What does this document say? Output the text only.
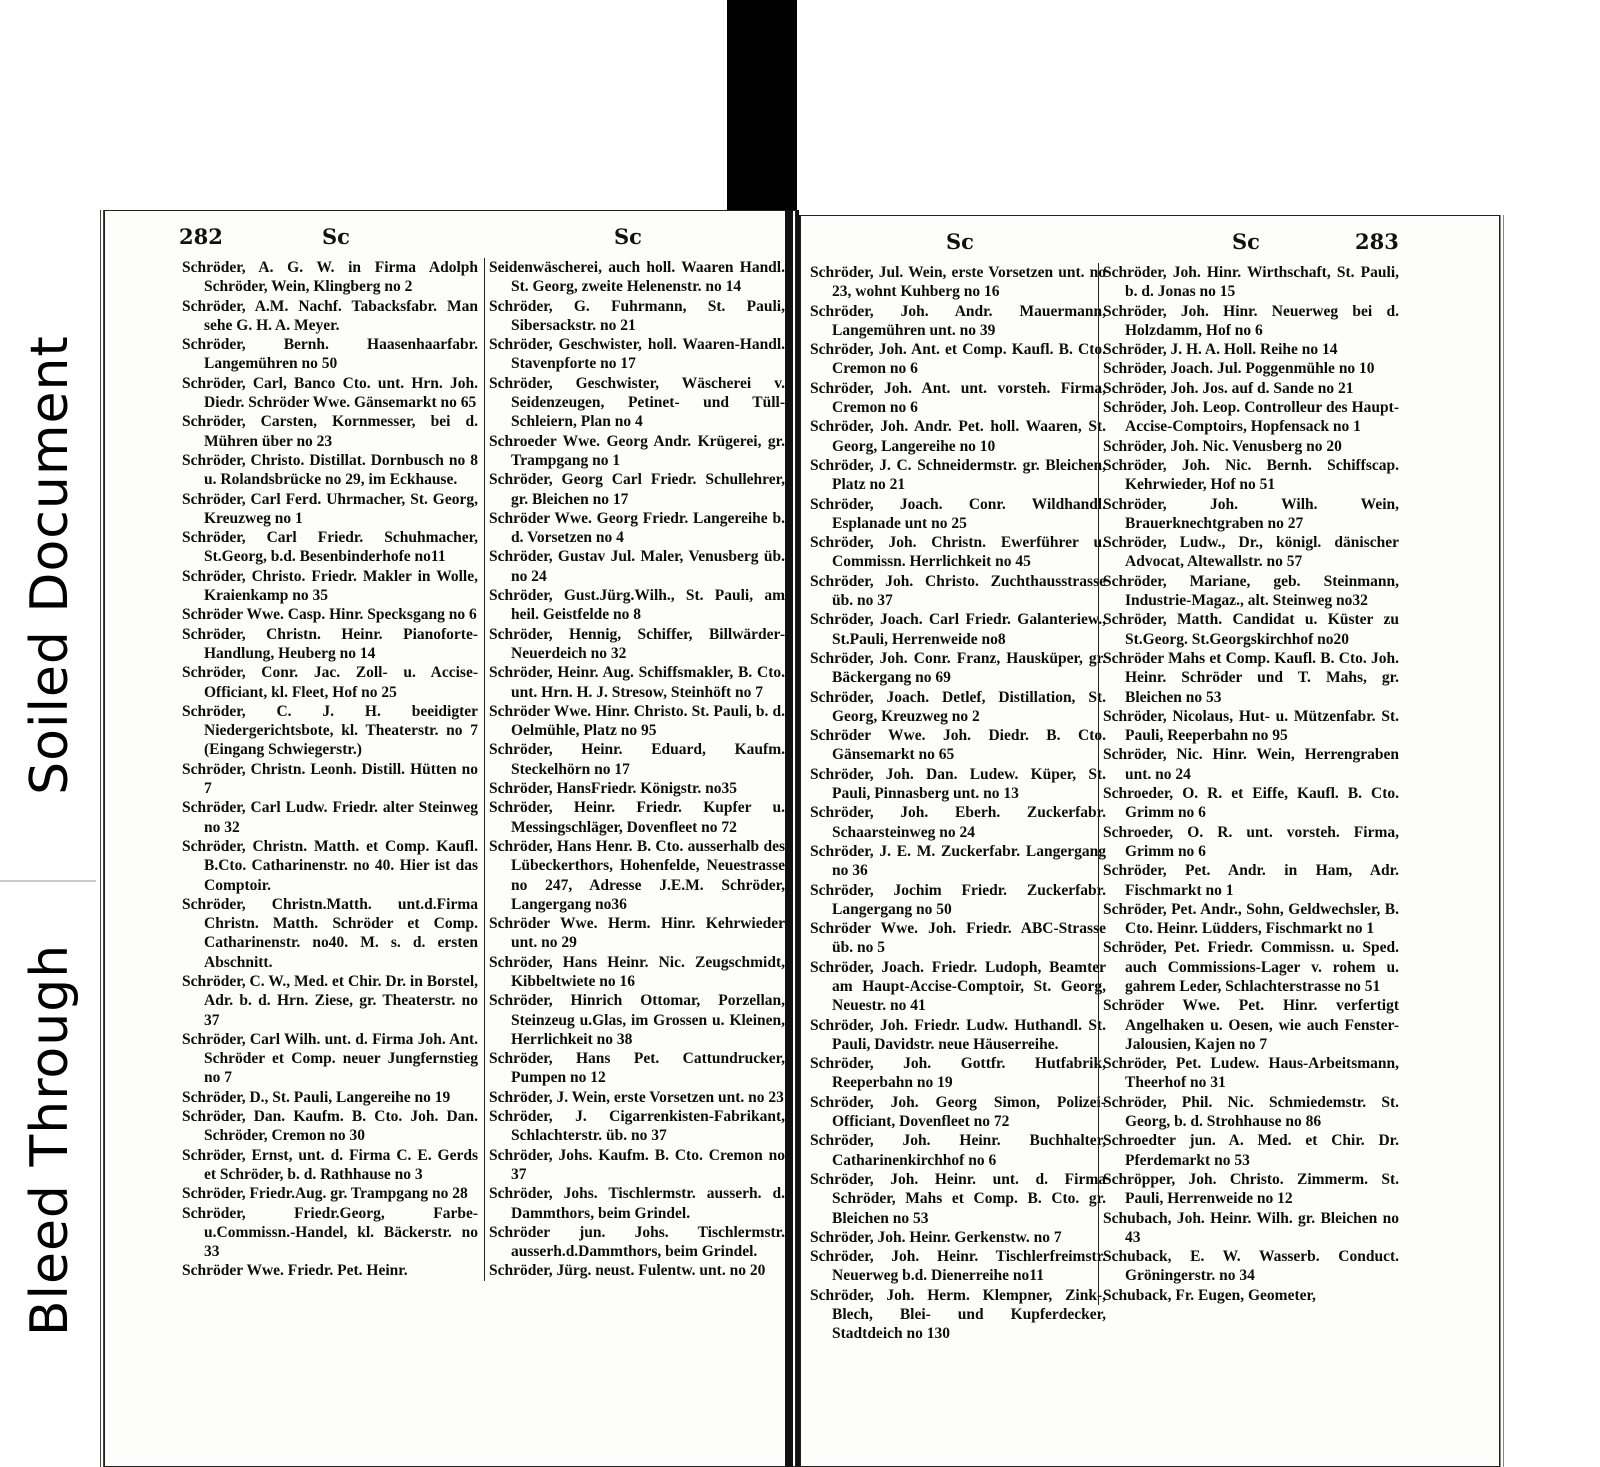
Soiled Document
Bleed Through
282	Sc	Sc

Schröder, A. G. W. in Firma Adolph Schröder, Wein, Klingberg no 2

Schröder, A.M. Nachf. Tabacksfabr. Man sehe G. H. A. Meyer.

Schröder, Bernh. Haasenhaarfabr. Langemühren no 50

Schröder, Carl, Banco Cto. unt. Hrn. Joh. Diedr. Schröder Wwe. Gänsemarkt no 65

Schröder, Carsten, Kornmesser, bei d. Mühren über no 23

Schröder, Christo. Distillat. Dornbusch no 8 u. Rolandsbrücke no 29, im Eckhause.

Schröder, Carl Ferd. Uhrmacher, St. Georg, Kreuzweg no 1

Schröder, Carl Friedr. Schuhmacher, St.Georg, b.d. Besenbinderhofe no11

Schröder, Christo. Friedr. Makler in Wolle, Kraienkamp no 35

Schröder Wwe. Casp. Hinr. Specksgang no 6

Schröder, Christn. Heinr. Pianoforte-Handlung, Heuberg no 14

Schröder, Conr. Jac. Zoll- u. Accise-Officiant, kl. Fleet, Hof no 25

Schröder, C. J. H. beeidigter Niedergerichtsbote, kl. Theaterstr. no 7 (Eingang Schwiegerstr.)

Schröder, Christn. Leonh. Distill. Hütten no 7

Schröder, Carl Ludw. Friedr. alter Steinweg no 32

Schröder, Christn. Matth. et Comp. Kaufl. B.Cto. Catharinenstr. no 40. Hier ist das Comptoir.

Schröder, Christn.Matth. unt.d.Firma Christn. Matth. Schröder et Comp. Catharinenstr. no40. M. s. d. ersten Abschnitt.

Schröder, C. W., Med. et Chir. Dr. in Borstel, Adr. b. d. Hrn. Ziese, gr. Theaterstr. no 37

Schröder, Carl Wilh. unt. d. Firma Joh. Ant. Schröder et Comp. neuer Jungfernstieg no 7

Schröder, D., St. Pauli, Langereihe no 19

Schröder, Dan. Kaufm. B. Cto. Joh. Dan. Schröder, Cremon no 30

Schröder, Ernst, unt. d. Firma C. E. Gerds et Schröder, b. d. Rathhause no 3

Schröder, Friedr.Aug. gr. Trampgang no 28

Schröder, Friedr.Georg, Farbe-u.Commissn.-Handel, kl. Bäckerstr. no 33

Schröder Wwe. Friedr. Pet. Heinr.

Seidenwäscherei, auch holl. Waaren Handl. St. Georg, zweite Helenenstr. no 14

Schröder, G. Fuhrmann, St. Pauli, Sibersackstr. no 21

Schröder, Geschwister, holl. Waaren-Handl. Stavenpforte no 17

Schröder, Geschwister, Wäscherei v. Seidenzeugen, Petinet- und Tüll-Schleiern, Plan no 4

Schroeder Wwe. Georg Andr. Krügerei, gr. Trampgang no 1

Schröder, Georg Carl Friedr. Schullehrer, gr. Bleichen no 17

Schröder Wwe. Georg Friedr. Langereihe b. d. Vorsetzen no 4

Schröder, Gustav Jul. Maler, Venusberg üb. no 24

Schröder, Gust.Jürg.Wilh., St. Pauli, am heil. Geistfelde no 8

Schröder, Hennig, Schiffer, Billwärder-Neuerdeich no 32

Schröder, Heinr. Aug. Schiffsmakler, B. Cto. unt. Hrn. H. J. Stresow, Steinhöft no 7

Schröder Wwe. Hinr. Christo. St. Pauli, b. d. Oelmühle, Platz no 95

Schröder, Heinr. Eduard, Kaufm. Steckelhörn no 17

Schröder, HansFriedr. Königstr. no35

Schröder, Heinr. Friedr. Kupfer u. Messingschläger, Dovenfleet no 72

Schröder, Hans Henr. B. Cto. ausserhalb des Lübeckerthors, Hohenfelde, Neuestrasse no 247, Adresse J.E.M. Schröder, Langergang no36

Schröder Wwe. Herm. Hinr. Kehrwieder unt. no 29

Schröder, Hans Heinr. Nic. Zeugschmidt, Kibbeltwiete no 16

Schröder, Hinrich Ottomar, Porzellan, Steinzeug u.Glas, im Grossen u. Kleinen, Herrlichkeit no 38

Schröder, Hans Pet. Cattundrucker, Pumpen no 12

Schröder, J. Wein, erste Vorsetzen unt. no 23

Schröder, J. Cigarrenkisten-Fabrikant, Schlachterstr. üb. no 37

Schröder, Johs. Kaufm. B. Cto. Cremon no 37

Schröder, Johs. Tischlermstr. ausserh. d. Dammthors, beim Grindel.

Schröder jun. Johs. Tischlermstr. ausserh.d.Dammthors, beim Grindel.

Schröder, Jürg. neust. Fulentw. unt. no 20

Sc	Sc	283

Schröder, Jul. Wein, erste Vorsetzen unt. no 23, wohnt Kuhberg no 16

Schröder, Joh. Andr. Mauermann, Langemühren unt. no 39

Schröder, Joh. Ant. et Comp. Kaufl. B. Cto. Cremon no 6

Schröder, Joh. Ant. unt. vorsteh. Firma, Cremon no 6

Schröder, Joh. Andr. Pet. holl. Waaren, St. Georg, Langereihe no 10

Schröder, J. C. Schneidermstr. gr. Bleichen, Platz no 21

Schröder, Joach. Conr. Wildhandl. Esplanade unt no 25

Schröder, Joh. Christn. Ewerführer u. Commissn. Herrlichkeit no 45

Schröder, Joh. Christo. Zuchthausstrasse üb. no 37

Schröder, Joach. Carl Friedr. Galanteriew., St.Pauli, Herrenweide no8

Schröder, Joh. Conr. Franz, Hausküper, gr. Bäckergang no 69

Schröder, Joach. Detlef, Distillation, St. Georg, Kreuzweg no 2

Schröder Wwe. Joh. Diedr. B. Cto. Gänsemarkt no 65

Schröder, Joh. Dan. Ludew. Küper, St. Pauli, Pinnasberg unt. no 13

Schröder, Joh. Eberh. Zuckerfabr. Schaarsteinweg no 24

Schröder, J. E. M. Zuckerfabr. Langergang no 36

Schröder, Jochim Friedr. Zuckerfabr. Langergang no 50

Schröder Wwe. Joh. Friedr. ABC-Strasse üb. no 5

Schröder, Joach. Friedr. Ludoph, Beamter am Haupt-Accise-Comptoir, St. Georg, Neuestr. no 41

Schröder, Joh. Friedr. Ludw. Huthandl. St. Pauli, Davidstr. neue Häuserreihe.

Schröder, Joh. Gottfr. Hutfabrik, Reeperbahn no 19

Schröder, Joh. Georg Simon, Polizei-Officiant, Dovenfleet no 72

Schröder, Joh. Heinr. Buchhalter, Catharinenkirchhof no 6

Schröder, Joh. Heinr. unt. d. Firma Schröder, Mahs et Comp. B. Cto. gr. Bleichen no 53

Schröder, Joh. Heinr. Gerkenstw. no 7

Schröder, Joh. Heinr. Tischlerfreimstr. Neuerweg b.d. Dienerreihe no11

Schröder, Joh. Herm. Klempner, Zink-, Blech, Blei- und Kupferdecker, Stadtdeich no 130

Schröder, Joh. Hinr. Wirthschaft, St. Pauli, b. d. Jonas no 15

Schröder, Joh. Hinr. Neuerweg bei d. Holzdamm, Hof no 6

Schröder, J. H. A. Holl. Reihe no 14

Schröder, Joach. Jul. Poggenmühle no 10

Schröder, Joh. Jos. auf d. Sande no 21

Schröder, Joh. Leop. Controlleur des Haupt-Accise-Comptoirs, Hopfensack no 1

Schröder, Joh. Nic. Venusberg no 20

Schröder, Joh. Nic. Bernh. Schiffscap. Kehrwieder, Hof no 51

Schröder, Joh. Wilh. Wein, Brauerknechtgraben no 27

Schröder, Ludw., Dr., königl. dänischer Advocat, Altewallstr. no 57

Schröder, Mariane, geb. Steinmann, Industrie-Magaz., alt. Steinweg no32

Schröder, Matth. Candidat u. Küster zu St.Georg. St.Georgskirchhof no20

Schröder Mahs et Comp. Kaufl. B. Cto. Joh. Heinr. Schröder und T. Mahs, gr. Bleichen no 53

Schröder, Nicolaus, Hut- u. Mützenfabr. St. Pauli, Reeperbahn no 95

Schröder, Nic. Hinr. Wein, Herrengraben unt. no 24

Schroeder, O. R. et Eiffe, Kaufl. B. Cto. Grimm no 6

Schroeder, O. R. unt. vorsteh. Firma, Grimm no 6

Schröder, Pet. Andr. in Ham, Adr. Fischmarkt no 1

Schröder, Pet. Andr., Sohn, Geldwechsler, B. Cto. Heinr. Lüdders, Fischmarkt no 1

Schröder, Pet. Friedr. Commissn. u. Sped. auch Commissions-Lager v. rohem u. gahrem Leder, Schlachterstrasse no 51

Schröder Wwe. Pet. Hinr. verfertigt Angelhaken u. Oesen, wie auch Fenster-Jalousien, Kajen no 7

Schröder, Pet. Ludew. Haus-Arbeitsmann, Theerhof no 31

Schröder, Phil. Nic. Schmiedemstr. St. Georg, b. d. Strohhause no 86

Schroedter jun. A. Med. et Chir. Dr. Pferdemarkt no 53

Schröpper, Joh. Christo. Zimmerm. St. Pauli, Herrenweide no 12

Schubach, Joh. Heinr. Wilh. gr. Bleichen no 43

Schuback, E. W. Wasserb. Conduct. Gröningerstr. no 34

Schuback, Fr. Eugen, Geometer,
